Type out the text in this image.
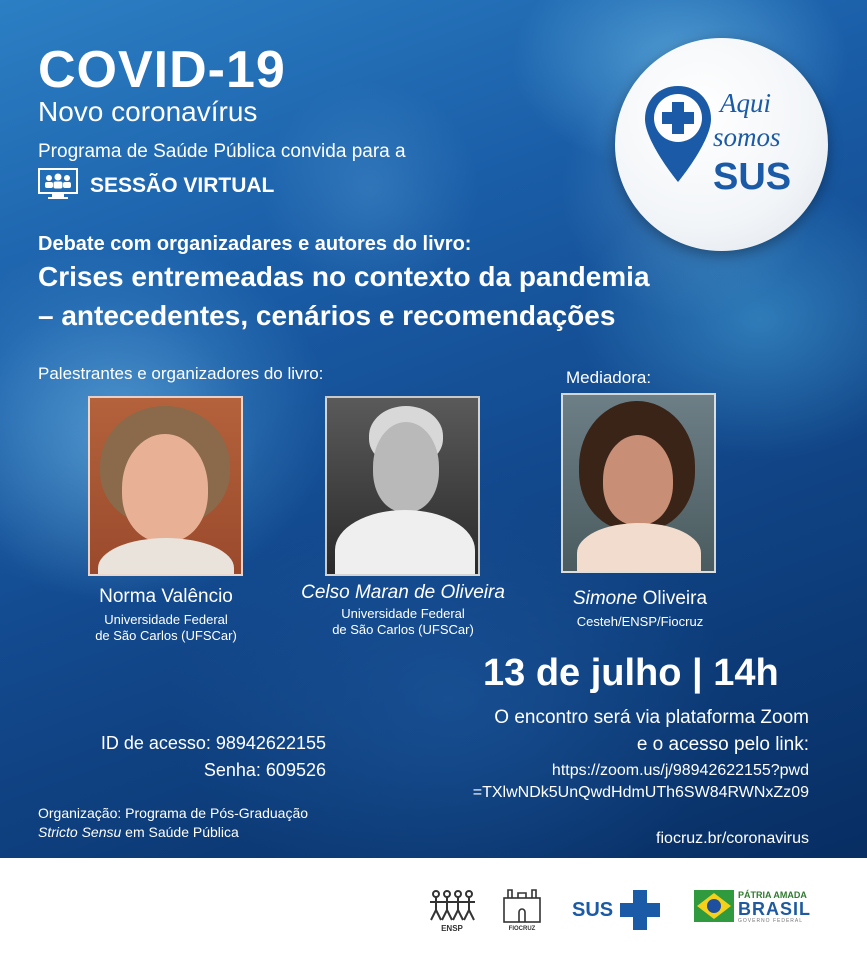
COVID-19
Novo coronavírus
Programa de Saúde Pública convida para a
SESSÃO VIRTUAL
Aqui
somos
SUS
Debate com organizadares e autores do livro:
Crises entremeadas no contexto da pandemia
– antecedentes, cenários e recomendações
Palestrantes e organizadores do livro:	Mediadora:
Norma Valêncio
Universidade Federal
de São Carlos (UFSCar)
Celso Maran de Oliveira
Universidade Federal
de São Carlos (UFSCar)
Simone Oliveira
Cesteh/ENSP/Fiocruz
13 de julho | 14h
O encontro será via plataforma Zoom
e o acesso pelo link:
https://zoom.us/j/98942622155?pwd
=TXlwNDk5UnQwdHdmUTh6SW84RWNxZz09
ID de acesso: 98942622155
Senha: 609526
Organização: Programa de Pós-Graduação
Stricto Sensu em Saúde Pública	fiocruz.br/coronavirus
ENSP	FIOCRUZ
SUS
PÁTRIA AMADA
BRASIL
GOVERNO FEDERAL
